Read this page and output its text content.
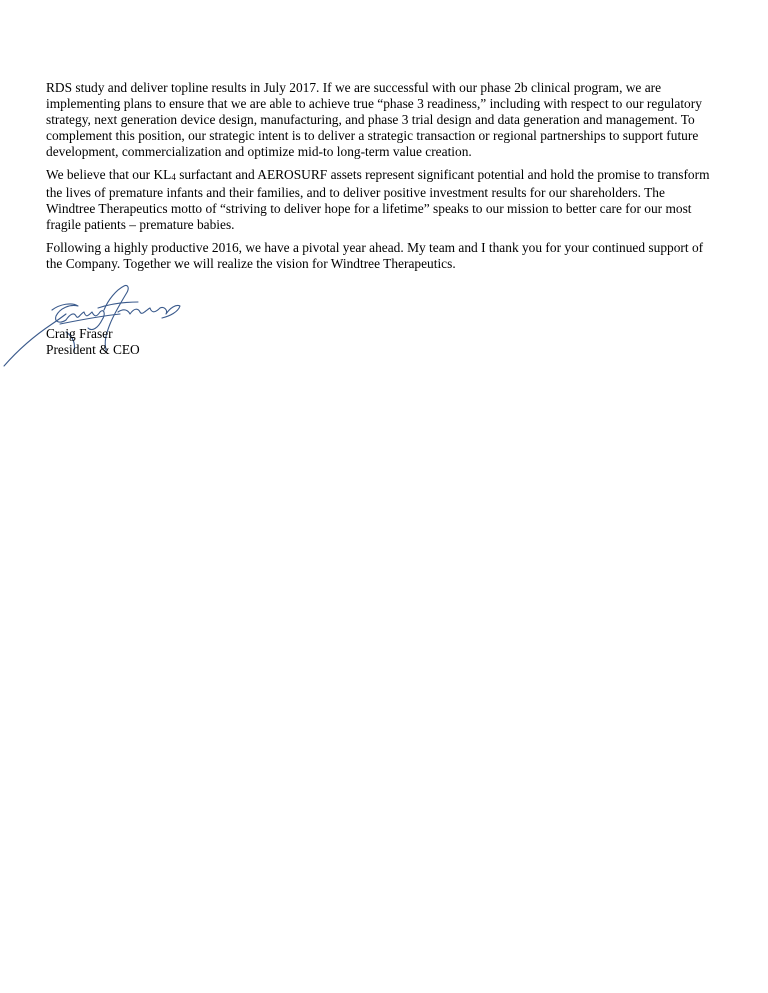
RDS study and deliver topline results in July 2017. If we are successful with our phase 2b clinical program, we are
implementing plans to ensure that we are able to achieve true “phase 3 readiness,” including with respect to our regulatory
strategy, next generation device design, manufacturing, and phase 3 trial design and data generation and management. To
complement this position, our strategic intent is to deliver a strategic transaction or regional partnerships to support future
development, commercialization and optimize mid-to long-term value creation.

We believe that our $KL_4$ surfactant and AEROSURF assets represent significant potential and hold the promise to transform
the lives of premature infants and their families, and to deliver positive investment results for our shareholders. The
Windtree Therapeutics motto of “striving to deliver hope for a lifetime” speaks to our mission to better care for our most
fragile patients – premature babies.

Following a highly productive 2016, we have a pivotal year ahead. My team and I thank you for your continued support of
the Company. Together we will realize the vision for Windtree Therapeutics.

Craig Fraser
President & CEO
